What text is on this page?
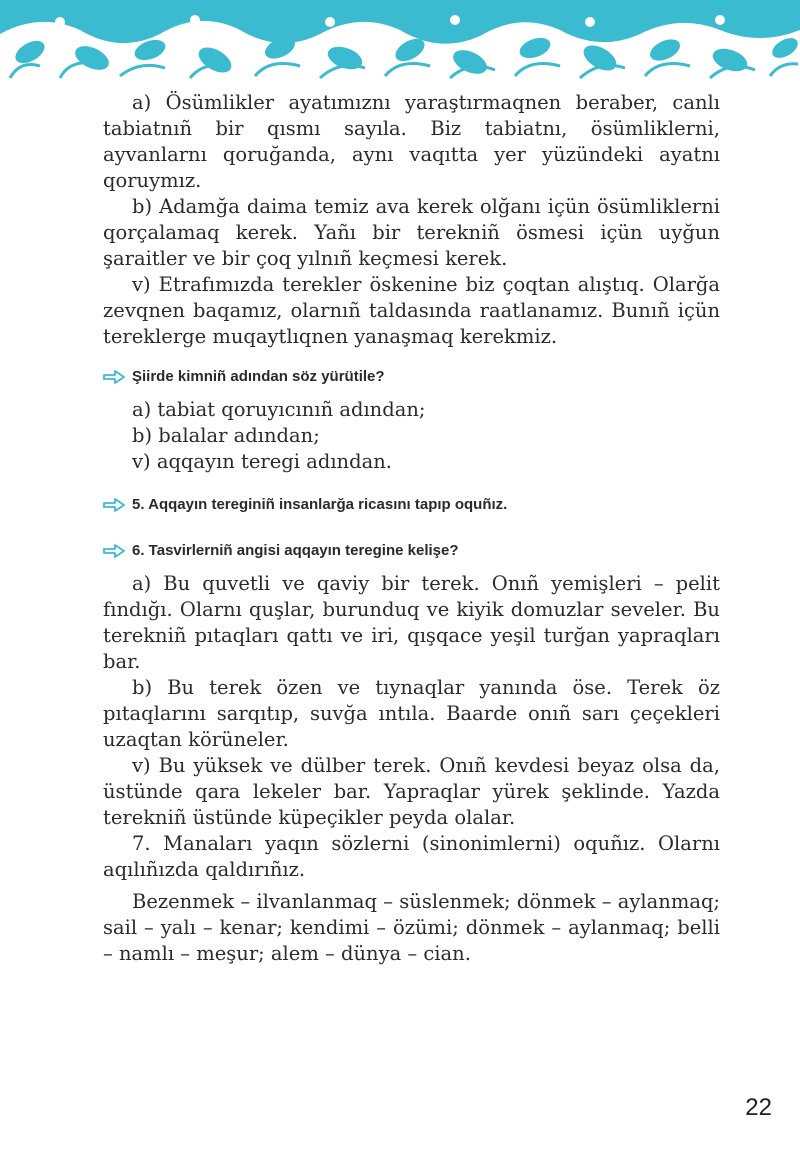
a) Ösümlikler ayatımıznı yaraştırmaqnen beraber, canlı tabiatnıñ bir qısmı sayıla. Biz tabiatnı, ösümliklerni, ayvanlarnı qoruğanda, aynı vaqıtta yer yüzündeki ayatnı qoruymız.

b) Adamğa daima temiz ava kerek olğanı içün ösümliklerni qorçalamaq kerek. Yañı bir terekniñ ösmesi içün uyğun şaraitler ve bir çoq yılnıñ keçmesi kerek.

v) Etrafımızda terekler öskenine biz çoqtan alıştıq. Olarğa zevqnen baqamız, olarnıñ taldasında raatlanamız. Bunıñ içün tereklerge muqaytlıqnen yanaşmaq kerekmiz.

Şiirde kimniñ adından söz yürütile?
a) tabiat qoruyıcınıñ adından;
b) balalar adından;
v) aqqayın teregi adından.
5. Aqqayın tereginiñ insanlarğa ricasını tapıp oquñız.
6. Tasvirlerniñ angisi aqqayın teregine kelişe?

a) Bu quvetli ve qaviy bir terek. Onıñ yemişleri – pelit fındığı. Olarnı quşlar, burunduq ve kiyik domuzlar seveler. Bu terekniñ pıtaqları qattı ve iri, qışqace yeşil turğan yapraqları bar.

b) Bu terek özen ve tıynaqlar yanında öse. Terek öz pıtaqlarını sarqıtıp, suvğa ıntıla. Baarde onıñ sarı çeçekleri uzaqtan körüneler.

v) Bu yüksek ve dülber terek. Onıñ kevdesi beyaz olsa da, üstünde qara lekeler bar. Yapraqlar yürek şeklinde. Yazda terekniñ üstünde küpeçikler peyda olalar.

7. Manaları yaqın sözlerni (sinonimlerni) oquñız. Olarnı aqılıñızda qaldırıñız.

Bezenmek – ilvanlanmaq – süslenmek; dönmek – aylanmaq; sail – yalı – kenar; kendimi – özümi; dönmek – aylanmaq; belli – namlı – meşur; alem – dünya – cian.

22
